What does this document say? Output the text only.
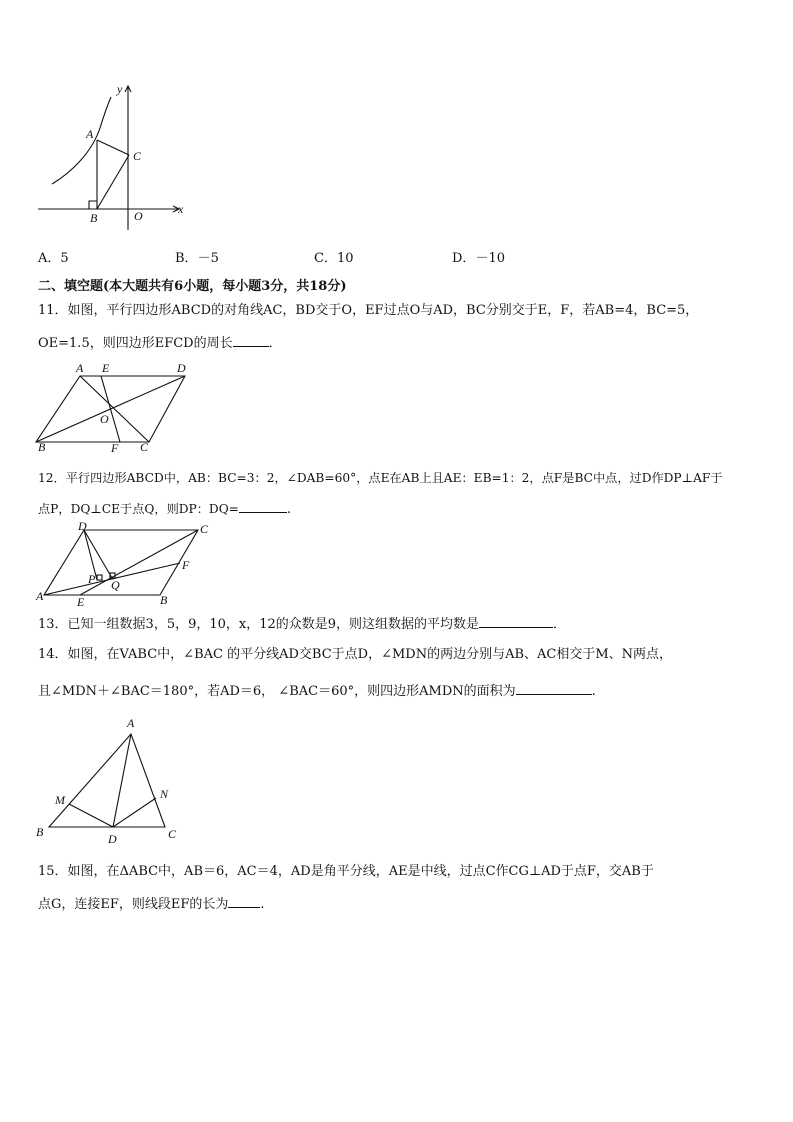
y
x
A
B
C
O
A E	D
O
B	F C
D	C
P Q
F
A	E	B
A
M	N
B	D	C
A．5	B．－5	C．10	D．－10
二、填空题(本大题共有6小题，每小题3分，共18分)
11．如图，平行四边形ABCD的对角线AC，BD交于O，EF过点O与AD，BC分别交于E，F，若AB=4，BC=5，
OE=1.5，则四边形EFCD的周长	．
12．平行四边形ABCD中，AB：BC=3：2，∠DAB=60°，点E在AB上且AE：EB=1：2，点F是BC中点，过D作DP⊥AF于
点P，DQ⊥CE于点Q，则DP：DQ=	.
13．已知一组数据3，5，9，10，x，12的众数是9，则这组数据的平均数是	．
14．如图，在VABC中，∠BAC 的平分线AD交BC于点D，∠MDN的两边分别与AB、AC相交于M、N两点，
且∠MDN＋∠BAC＝180°，若AD＝6， ∠BAC＝60°，则四边形AMDN的面积为	.
15．如图，在ΔABC中，AB＝6，AC＝4，AD是角平分线，AE是中线，过点C作CG⊥AD于点F，交AB于
点G，连接EF，则线段EF的长为 .
